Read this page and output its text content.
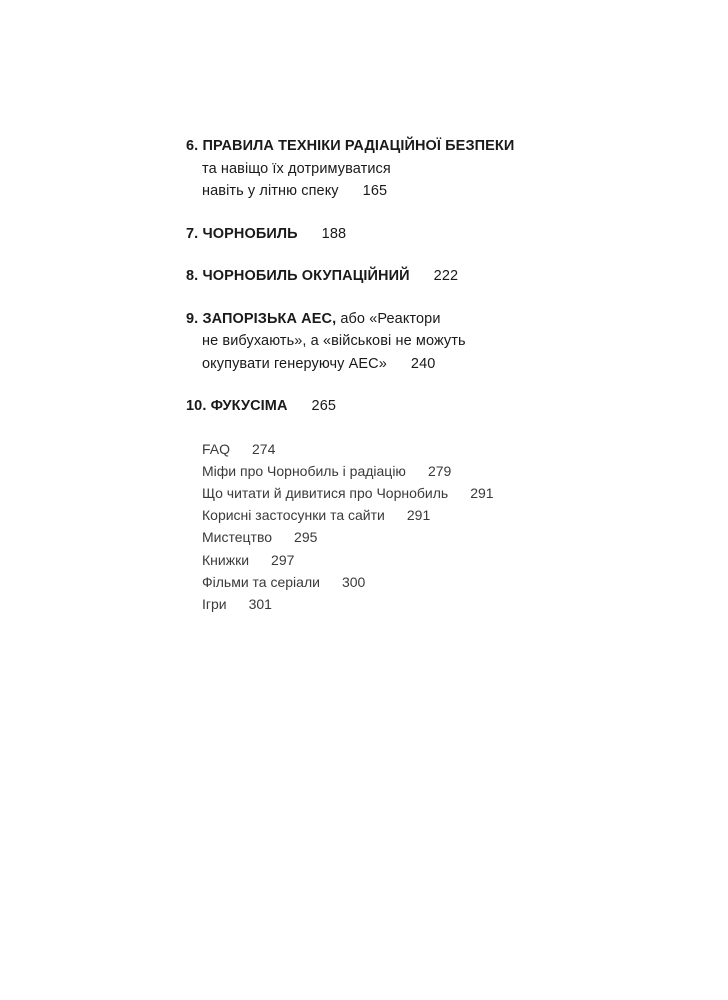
6. ПРАВИЛА ТЕХНІКИ РАДІАЦІЙНОЇ БЕЗПЕКИ
та навіщо їх дотримуватися
навіть у літню спеку 165
7. ЧОРНОБИЛЬ 188
8. ЧОРНОБИЛЬ ОКУПАЦІЙНИЙ 222
9. ЗАПОРІЗЬКА АЕС, або «Реактори
не вибухають», а «військові не можуть
окупувати генеруючу АЕС» 240
10. ФУКУСІМА 265
FAQ 274
Міфи про Чорнобиль і радіацію 279
Що читати й дивитися про Чорнобиль 291
Корисні застосунки та сайти 291
Мистецтво 295
Книжки 297
Фільми та серіали 300
Ігри 301
